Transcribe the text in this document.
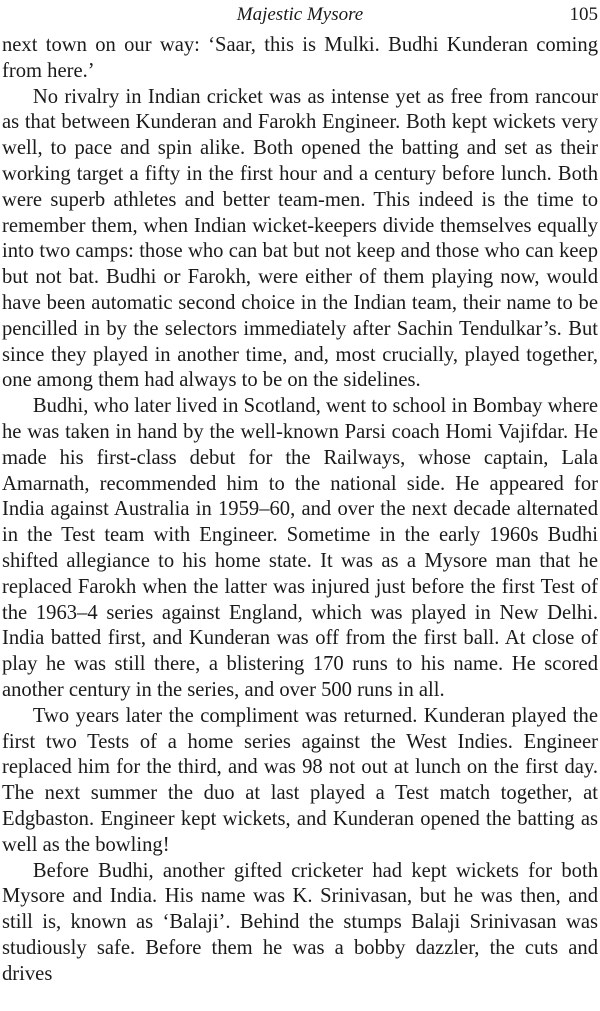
Majestic Mysore	105

next town on our way: ‘Saar, this is Mulki. Budhi Kunderan coming from here.’

No rivalry in Indian cricket was as intense yet as free from rancour as that between Kunderan and Farokh Engineer. Both kept wickets very well, to pace and spin alike. Both opened the batting and set as their working target a fifty in the first hour and a century before lunch. Both were superb athletes and better team-men. This indeed is the time to remember them, when Indian wicket-keepers divide themselves equally into two camps: those who can bat but not keep and those who can keep but not bat. Budhi or Farokh, were either of them playing now, would have been automatic second choice in the Indian team, their name to be pencilled in by the selectors immediately after Sachin Tendulkar’s. But since they played in another time, and, most crucially, played together, one among them had always to be on the sidelines.

Budhi, who later lived in Scotland, went to school in Bombay where he was taken in hand by the well-known Parsi coach Homi Vajifdar. He made his first-class debut for the Railways, whose captain, Lala Amarnath, recommended him to the national side. He appeared for India against Australia in 1959–60, and over the next decade alternated in the Test team with Engineer. Sometime in the early 1960s Budhi shifted allegiance to his home state. It was as a Mysore man that he replaced Farokh when the latter was injured just before the first Test of the 1963–4 series against England, which was played in New Delhi. India batted first, and Kunderan was off from the first ball. At close of play he was still there, a blistering 170 runs to his name. He scored another century in the series, and over 500 runs in all.

Two years later the compliment was returned. Kunderan played the first two Tests of a home series against the West Indies. Engineer replaced him for the third, and was 98 not out at lunch on the first day. The next summer the duo at last played a Test match together, at Edgbaston. Engineer kept wickets, and Kunderan opened the batting as well as the bowling!

Before Budhi, another gifted cricketer had kept wickets for both Mysore and India. His name was K. Srinivasan, but he was then, and still is, known as ‘Balaji’. Behind the stumps Balaji Srinivasan was studiously safe. Before them he was a bobby dazzler, the cuts and drives
